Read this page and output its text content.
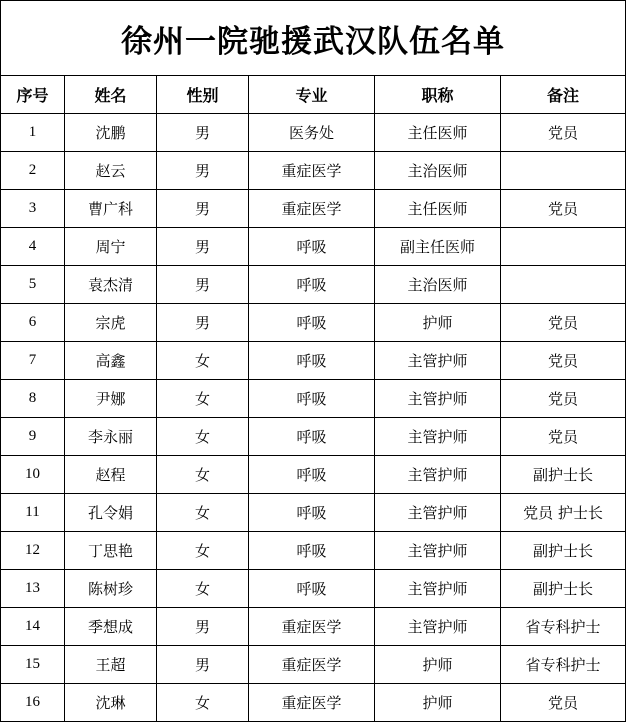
徐州一院驰援武汉队伍名单					
序号	姓名	性别	专业	职称	备注
1	沈鹏	男	医务处	主任医师	党员
2	赵云	男	重症医学	主治医师	
3	曹广科	男	重症医学	主任医师	党员
4	周宁	男	呼吸	副主任医师	
5	袁杰清	男	呼吸	主治医师	
6	宗虎	男	呼吸	护师	党员
7	高鑫	女	呼吸	主管护师	党员
8	尹娜	女	呼吸	主管护师	党员
9	李永丽	女	呼吸	主管护师	党员
10	赵程	女	呼吸	主管护师	副护士长
11	孔令娟	女	呼吸	主管护师	党员 护士长
12	丁思艳	女	呼吸	主管护师	副护士长
13	陈树珍	女	呼吸	主管护师	副护士长
14	季想成	男	重症医学	主管护师	省专科护士
15	王超	男	重症医学	护师	省专科护士
16	沈琳	女	重症医学	护师	党员
